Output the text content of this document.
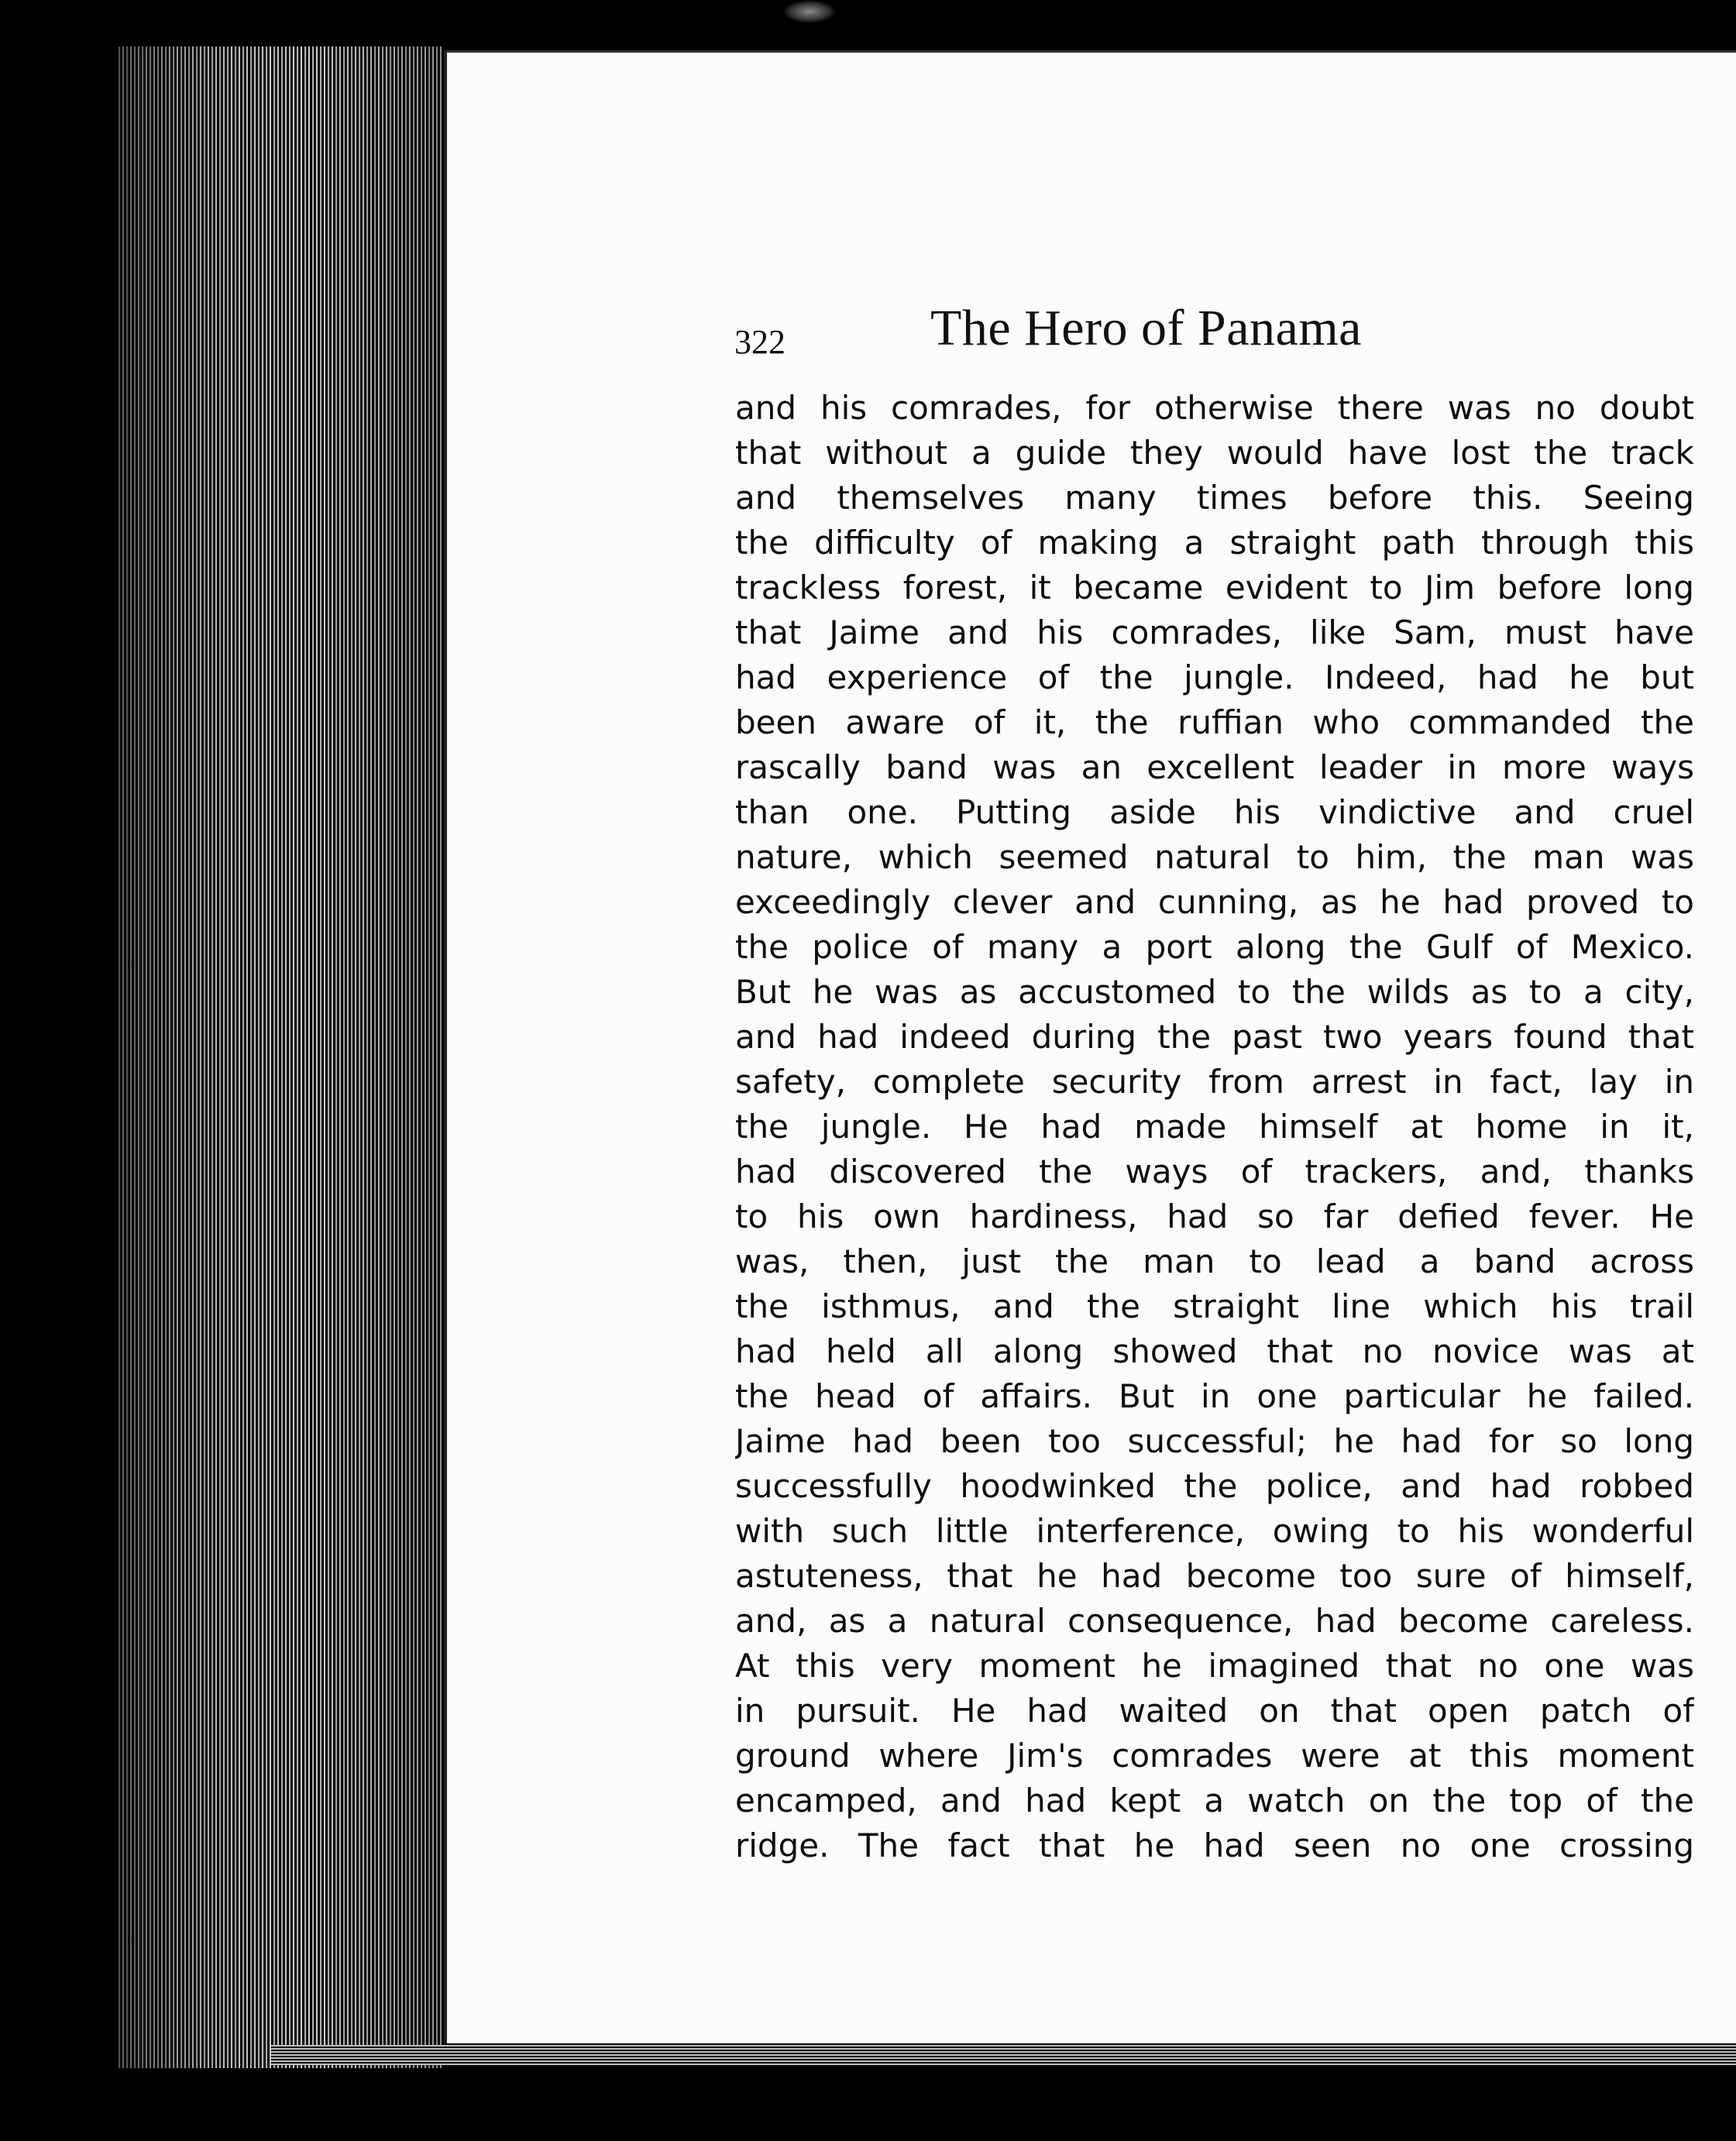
322	The Hero of Panama
and his comrades, for otherwise there was no doubt
that without a guide they would have lost the track
and themselves many times before this. Seeing
the difficulty of making a straight path through this
trackless forest, it became evident to Jim before long
that Jaime and his comrades, like Sam, must have
had experience of the jungle. Indeed, had he but
been aware of it, the ruffian who commanded the
rascally band was an excellent leader in more ways
than one. Putting aside his vindictive and cruel
nature, which seemed natural to him, the man was
exceedingly clever and cunning, as he had proved to
the police of many a port along the Gulf of Mexico.
But he was as accustomed to the wilds as to a city,
and had indeed during the past two years found that
safety, complete security from arrest in fact, lay in
the jungle. He had made himself at home in it,
had discovered the ways of trackers, and, thanks
to his own hardiness, had so far defied fever. He
was, then, just the man to lead a band across
the isthmus, and the straight line which his trail
had held all along showed that no novice was at
the head of affairs. But in one particular he failed.
Jaime had been too successful; he had for so long
successfully hoodwinked the police, and had robbed
with such little interference, owing to his wonderful
astuteness, that he had become too sure of himself,
and, as a natural consequence, had become careless.
At this very moment he imagined that no one was
in pursuit. He had waited on that open patch of
ground where Jim's comrades were at this moment
encamped, and had kept a watch on the top of the
ridge. The fact that he had seen no one crossing
